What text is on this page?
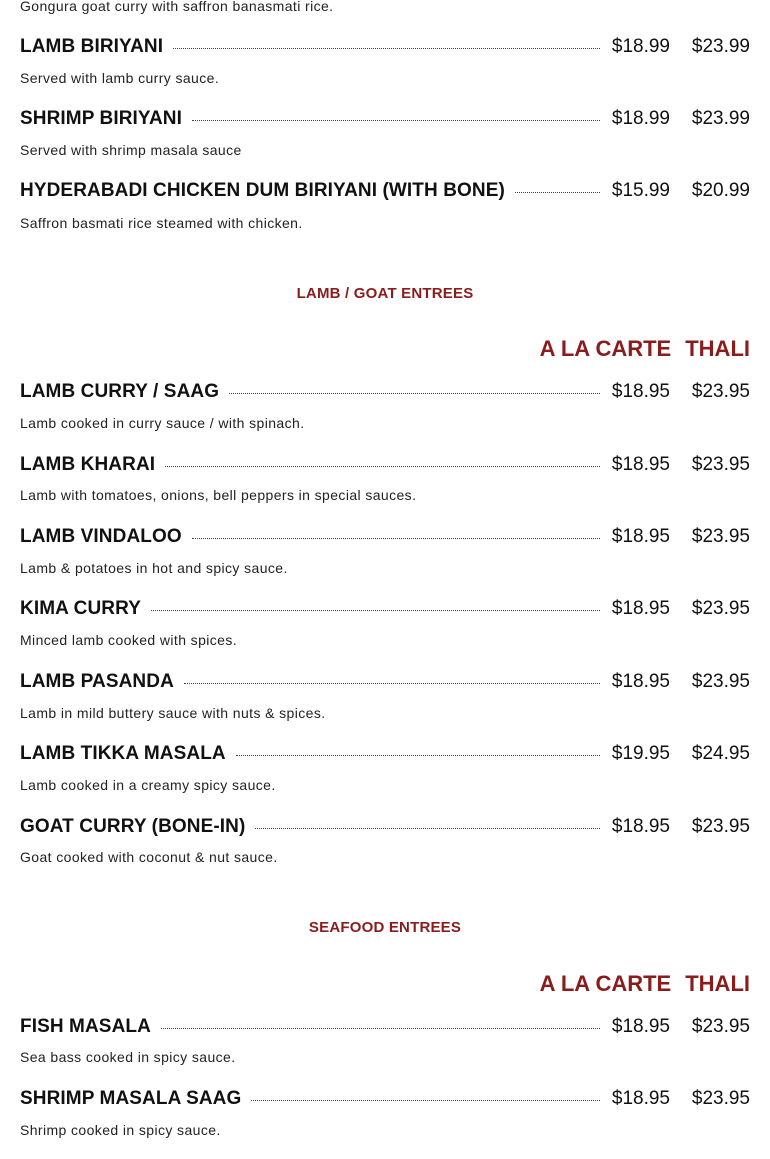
Gongura goat curry with saffron banasmati rice.
LAMB BIRIYANI	$18.99 $23.99
Served with lamb curry sauce.
SHRIMP BIRIYANI	$18.99 $23.99
Served with shrimp masala sauce
HYDERABADI CHICKEN DUM BIRIYANI (WITH BONE)	$15.99 $20.99
Saffron basmati rice steamed with chicken.
LAMB / GOAT ENTREES
A LA CARTE THALI
LAMB CURRY / SAAG	$18.95 $23.95
Lamb cooked in curry sauce / with spinach.
LAMB KHARAI	$18.95 $23.95
Lamb with tomatoes, onions, bell peppers in special sauces.
LAMB VINDALOO	$18.95 $23.95
Lamb & potatoes in hot and spicy sauce.
KIMA CURRY	$18.95 $23.95
Minced lamb cooked with spices.
LAMB PASANDA	$18.95 $23.95
Lamb in mild buttery sauce with nuts & spices.
LAMB TIKKA MASALA	$19.95 $24.95
Lamb cooked in a creamy spicy sauce.
GOAT CURRY (BONE-IN)	$18.95 $23.95
Goat cooked with coconut & nut sauce.
SEAFOOD ENTREES
A LA CARTE THALI
FISH MASALA	$18.95 $23.95
Sea bass cooked in spicy sauce.
SHRIMP MASALA SAAG	$18.95 $23.95
Shrimp cooked in spicy sauce.
